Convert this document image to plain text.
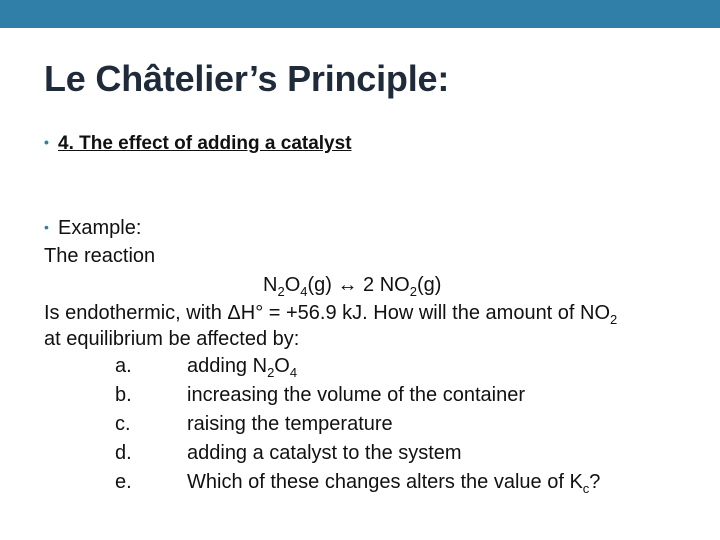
Le Châtelier’s Principle:
• 4. The effect of adding a catalyst
• Example:
The reaction
$N_2O_4(g)$ ↔ 2 $NO_2(g)$
Is endothermic, with ΔH° = +56.9 kJ. How will the amount of $NO_2$
at equilibrium be affected by:
a.	adding $N_2O_4$
b.	increasing the volume of the container
c.	raising the temperature
d.	adding a catalyst to the system
e.	Which of these changes alters the value of $K_c$?
